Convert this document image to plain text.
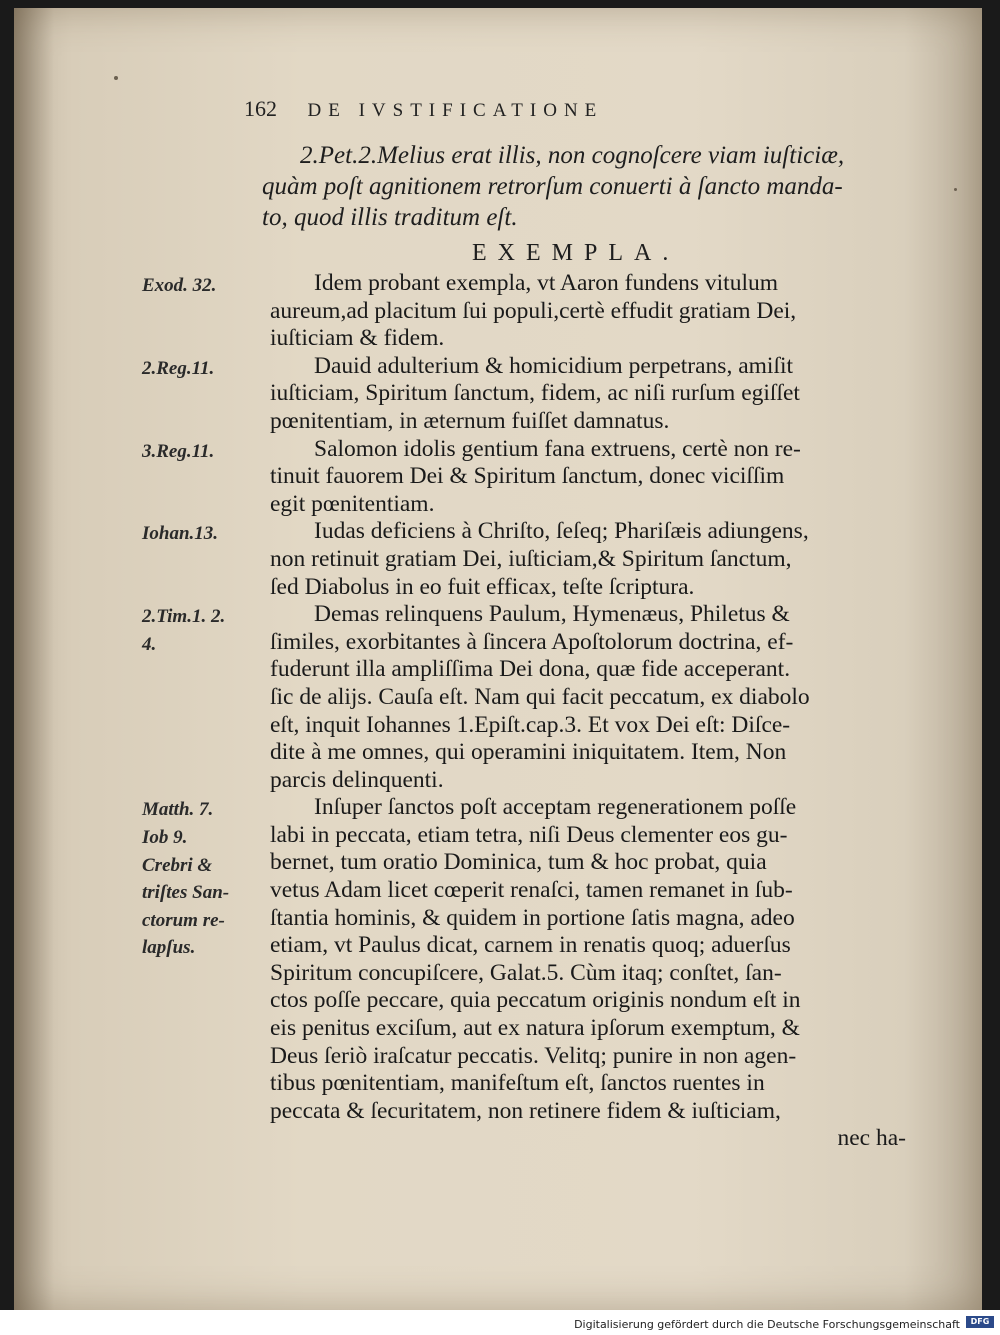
162 DE IVSTIFICATIONE
2.Pet.2.Melius erat illis, non cognoſcere viam iuſticiæ,
quàm poſt agnitionem retrorſum conuerti à ſancto manda-
to, quod illis traditum eſt.
EXEMPLA.

Idem probant exempla, vt Aaron fundens vitulum
aureum,ad placitum ſui populi,certè effudit gratiam Dei,
iuſticiam & fidem.

Dauid adulterium & homicidium perpetrans, amiſit
iuſticiam, Spiritum ſanctum, fidem, ac niſi rurſum egiſſet
pœnitentiam, in æternum fuiſſet damnatus.

Salomon idolis gentium fana extruens, certè non re-
tinuit fauorem Dei & Spiritum ſanctum, donec viciſſim
egit pœnitentiam.

Iudas deficiens à Chriſto, ſeſeq; Phariſæis adiungens,
non retinuit gratiam Dei, iuſticiam,& Spiritum ſanctum,
ſed Diabolus in eo fuit efficax, teſte ſcriptura.

Demas relinquens Paulum, Hymenæus, Philetus &
ſimiles, exorbitantes à ſincera Apoſtolorum doctrina, ef-
fuderunt illa ampliſſima Dei dona, quæ fide acceperant.
ſic de alijs. Cauſa eſt. Nam qui facit peccatum, ex diabolo
eſt, inquit Iohannes 1.Epiſt.cap.3. Et vox Dei eſt: Diſce-
dite à me omnes, qui operamini iniquitatem. Item, Non
parcis delinquenti.

Inſuper ſanctos poſt acceptam regenerationem poſſe
labi in peccata, etiam tetra, niſi Deus clementer eos gu-
bernet, tum oratio Dominica, tum & hoc probat, quia
vetus Adam licet cœperit renaſci, tamen remanet in ſub-
ſtantia hominis, & quidem in portione ſatis magna, adeo
etiam, vt Paulus dicat, carnem in renatis quoq; aduerſus
Spiritum concupiſcere, Galat.5. Cùm itaq; conſtet, ſan-
ctos poſſe peccare, quia peccatum originis nondum eſt in
eis penitus exciſum, aut ex natura ipſorum exemptum, &
Deus ſeriò iraſcatur peccatis. Velitq; punire in non agen-
tibus pœnitentiam, manifeſtum eſt, ſanctos ruentes in
peccata & ſecuritatem, non retinere fidem & iuſticiam,

nec ha-
Exod. 32.
2.Reg.11.
3.Reg.11.
Iohan.13.
2.Tim.1. 2.
4.
Matth. 7.
Iob 9.
Crebri &
triſtes San-
ctorum re-
lapſus.
Digitalisierung gefördert durch die Deutsche Forschungsgemeinschaft	DFG
